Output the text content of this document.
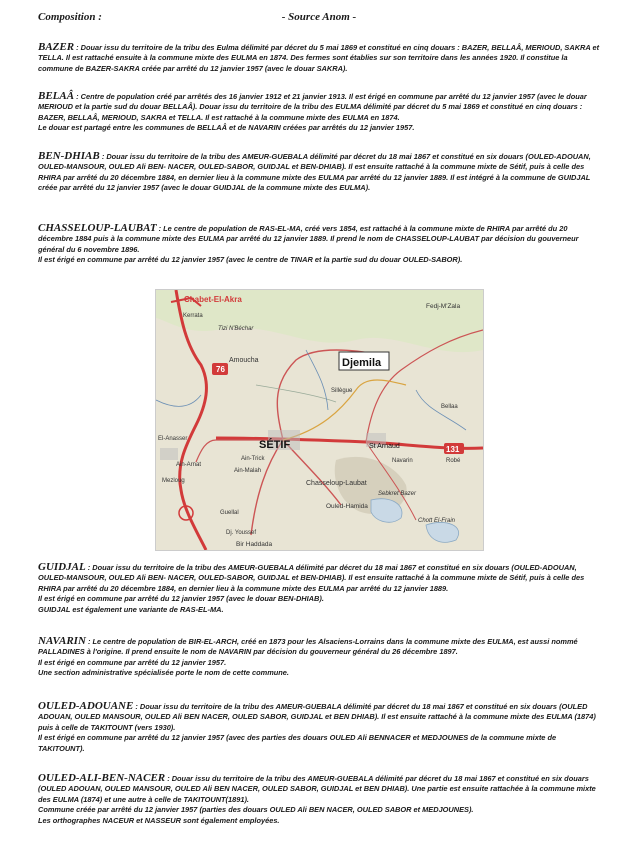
Composition :	- Source Anom -

BAZER : Douar issu du territoire de la tribu des Eulma délimité par décret du 5 mai 1869 et constitué en cinq douars : BAZER, BELLAÂ, MERIOUD, SAKRA et TELLA. Il est rattaché ensuite à la commune mixte des EULMA en 1874. Des fermes sont établies sur son territoire dans les années 1920. Il constitue la commune de BAZER-SAKRA créée par arrêté du 12 janvier 1957 (avec le douar SAKRA).

BELAÂ : Centre de population créé par arrêtés des 16 janvier 1912 et 21 janvier 1913. Il est érigé en commune par arrêté du 12 janvier 1957 (avec le douar MERIOUD et la partie sud du douar BELLAÂ). Douar issu du territoire de la tribu des EULMA délimité par décret du 5 mai 1869 et constitué en cinq douars : BAZER, BELLAÂ, MERIOUD, SAKRA et TELLA. Il est rattaché à la commune mixte des EULMA en 1874.

Le douar est partagé entre les communes de BELLAÂ et de NAVARIN créées par arrêtés du 12 janvier 1957.

BEN-DHIAB : Douar issu du territoire de la tribu des AMEUR-GUEBALA délimité par décret du 18 mai 1867 et constitué en six douars (OULED-ADOUAN, OULED-MANSOUR, OULED Ali BEN- NACER, OULED-SABOR, GUIDJAL et BEN-DHIAB). Il est ensuite rattaché à la commune mixte de Sétif, puis à celle des RHIRA par arrêté du 20 décembre 1884, en dernier lieu à la commune mixte des EULMA par arrêté du 12 janvier 1889. Il est intégré à la commune de GUIDJAL créée par arrêté du 12 janvier 1957 (avec le douar GUIDJAL de la commune mixte des EULMA).

CHASSELOUP-LAUBAT : Le centre de population de RAS-EL-MA, créé vers 1854, est rattaché à la commune mixte de RHIRA par arrêté du 20 décembre 1884 puis à la commune mixte des EULMA par arrêté du 12 janvier 1889. Il prend le nom de CHASSELOUP-LAUBAT par décision du gouverneur général du 6 novembre 1896.

Il est érigé en commune par arrêté du 12 janvier 1957 (avec le centre de TINAR et la partie sud du douar OULED-SABOR).

Chabet-El-Akra
Kerrata
Tizi N'Béchar
Amoucha
76
Djemila
Fedj-M'Zala
Sillègue
Bellaa
SÉTIF
El-Anasser
Ain-Arnat
Mezloug
Ain-Trick
Ain-Malah
Chasseloup-Laubat
St Arnaud
Navarin	Robé
131
Sebkret Bazer
Ouled-Hamida
Chott El-Frain
Guellal
Dj. Youssef
Bir Haddada

GUIDJAL : Douar issu du territoire de la tribu des AMEUR-GUEBALA délimité par décret du 18 mai 1867 et constitué en six douars (OULED-ADOUAN, OULED-MANSOUR, OULED Ali BEN- NACER, OULED-SABOR, GUIDJAL et BEN-DHIAB). Il est ensuite rattaché à la commune mixte de Sétif, puis à celle des RHIRA par arrêté du 20 décembre 1884, en dernier lieu à la commune mixte des EULMA par arrêté du 12 janvier 1889.

Il est érigé en commune par arrêté du 12 janvier 1957 (avec le douar BEN-DHIAB).

GUIDJAL est également une variante de RAS-EL-MA.

NAVARIN : Le centre de population de BIR-EL-ARCH, créé en 1873 pour les Alsaciens-Lorrains dans la commune mixte des EULMA, est aussi nommé PALLADINES à l'origine. Il prend ensuite le nom de NAVARIN par décision du gouverneur général du 26 décembre 1897.

Il est érigé en commune par arrêté du 12 janvier 1957.

Une section administrative spécialisée porte le nom de cette commune.

OULED-ADOUANE : Douar issu du territoire de la tribu des AMEUR-GUEBALA délimité par décret du 18 mai 1867 et constitué en six douars (OULED ADOUAN, OULED MANSOUR, OULED Ali BEN NACER, OULED SABOR, GUIDJAL et BEN DHIAB). Il est ensuite rattaché à la commune mixte des EULMA (1874) puis à celle de TAKITOUNT (vers 1930).

Il est érigé en commune par arrêté du 12 janvier 1957 (avec des parties des douars OULED Ali BENNACER et MEDJOUNES de la commune mixte de TAKITOUNT).

OULED-ALI-BEN-NACER : Douar issu du territoire de la tribu des AMEUR-GUEBALA délimité par décret du 18 mai 1867 et constitué en six douars (OULED ADOUAN, OULED MANSOUR, OULED Ali BEN NACER, OULED SABOR, GUIDJAL et BEN DHIAB). Une partie est ensuite rattachée à la commune mixte des EULMA (1874) et une autre à celle de TAKITOUNT(1891).

Commune créée par arrêté du 12 janvier 1957 (parties des douars OULED Ali BEN NACER, OULED SABOR et MEDJOUNES).

Les orthographes NACEUR et NASSEUR sont également employées.
